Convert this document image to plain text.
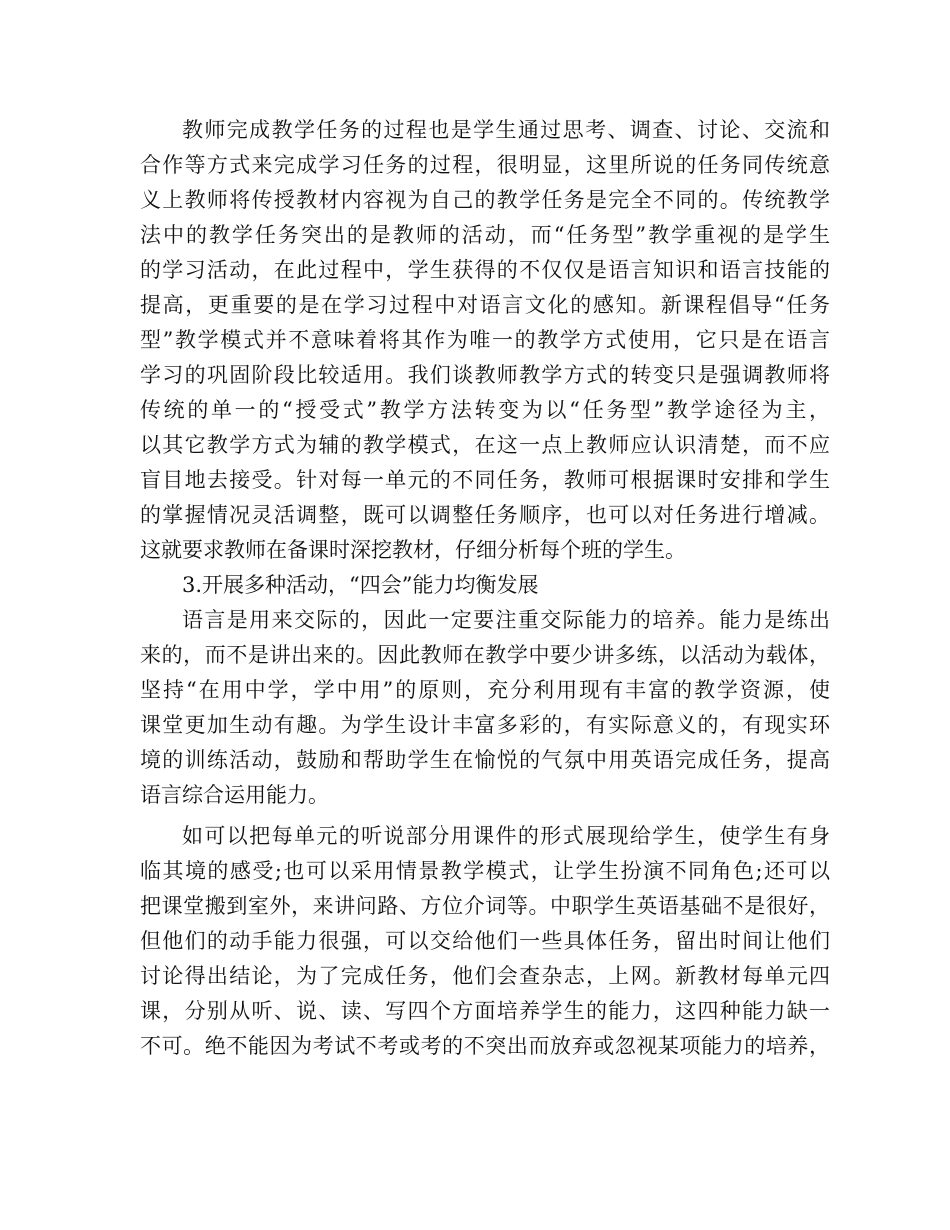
教师完成教学任务的过程也是学生通过思考、调查、讨论、交流和
合作等方式来完成学习任务的过程，很明显，这里所说的任务同传统意
义上教师将传授教材内容视为自己的教学任务是完全不同的。传统教学
法中的教学任务突出的是教师的活动，而“任务型”教学重视的是学生
的学习活动，在此过程中，学生获得的不仅仅是语言知识和语言技能的
提高，更重要的是在学习过程中对语言文化的感知。新课程倡导“任务
型”教学模式并不意味着将其作为唯一的教学方式使用，它只是在语言
学习的巩固阶段比较适用。我们谈教师教学方式的转变只是强调教师将
传统的单一的“授受式”教学方法转变为以“任务型”教学途径为主，
以其它教学方式为辅的教学模式，在这一点上教师应认识清楚，而不应
盲目地去接受。针对每一单元的不同任务，教师可根据课时安排和学生
的掌握情况灵活调整，既可以调整任务顺序，也可以对任务进行增减。
这就要求教师在备课时深挖教材，仔细分析每个班的学生。
3.开展多种活动，“四会”能力均衡发展
语言是用来交际的，因此一定要注重交际能力的培养。能力是练出
来的，而不是讲出来的。因此教师在教学中要少讲多练，以活动为载体，
坚持“在用中学，学中用”的原则，充分利用现有丰富的教学资源，使
课堂更加生动有趣。为学生设计丰富多彩的，有实际意义的，有现实环
境的训练活动，鼓励和帮助学生在愉悦的气氛中用英语完成任务，提高
语言综合运用能力。
如可以把每单元的听说部分用课件的形式展现给学生，使学生有身
临其境的感受;也可以采用情景教学模式，让学生扮演不同角色;还可以
把课堂搬到室外，来讲问路、方位介词等。中职学生英语基础不是很好，
但他们的动手能力很强，可以交给他们一些具体任务，留出时间让他们
讨论得出结论，为了完成任务，他们会查杂志，上网。新教材每单元四
课，分别从听、说、读、写四个方面培养学生的能力，这四种能力缺一
不可。绝不能因为考试不考或考的不突出而放弃或忽视某项能力的培养，
